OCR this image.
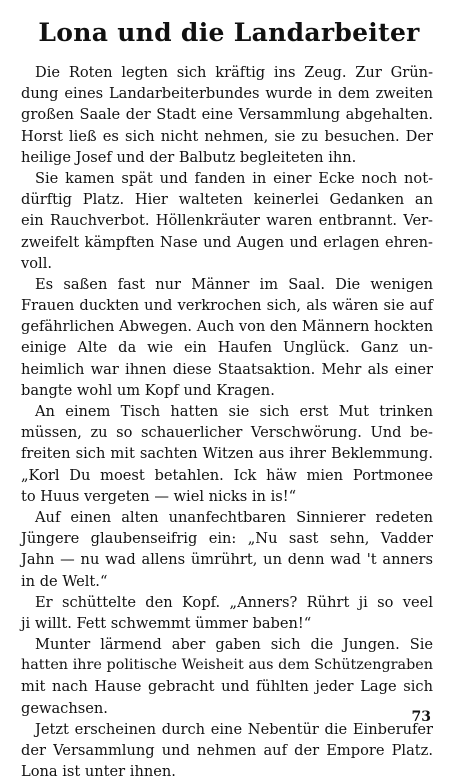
Lona und die Landarbeiter
Die Roten legten sich kräftig ins Zeug. Zur Grün-
dung eines Landarbeiterbundes wurde in dem zweiten
großen Saale der Stadt eine Versammlung abgehalten.
Horst ließ es sich nicht nehmen, sie zu besuchen. Der
heilige Josef und der Balbutz begleiteten ihn.
Sie kamen spät und fanden in einer Ecke noch not-
dürftig Platz. Hier walteten keinerlei Gedanken an
ein Rauchverbot. Höllenkräuter waren entbrannt. Ver-
zweifelt kämpften Nase und Augen und erlagen ehren-
voll.
Es saßen fast nur Männer im Saal. Die wenigen
Frauen duckten und verkrochen sich, als wären sie auf
gefährlichen Abwegen. Auch von den Männern hockten
einige Alte da wie ein Haufen Unglück. Ganz un-
heimlich war ihnen diese Staatsaktion. Mehr als einer
bangte wohl um Kopf und Kragen.
An einem Tisch hatten sie sich erst Mut trinken
müssen, zu so schauerlicher Verschwörung. Und be-
freiten sich mit sachten Witzen aus ihrer Beklemmung.
„Korl Du moest betahlen. Ick häw mien Portmonee
to Huus vergeten — wiel nicks in is!“
Auf einen alten unanfechtbaren Sinnierer redeten
Jüngere glaubenseifrig ein: „Nu sast sehn, Vadder
Jahn — nu wad allens ümrührt, un denn wad 't anners
in de Welt.“
Er schüttelte den Kopf. „Anners? Rührt ji so veel
ji willt. Fett schwemmt ümmer baben!“
Munter lärmend aber gaben sich die Jungen. Sie
hatten ihre politische Weisheit aus dem Schützengraben
mit nach Hause gebracht und fühlten jeder Lage sich
gewachsen.
Jetzt erscheinen durch eine Nebentür die Einberufer
der Versammlung und nehmen auf der Empore Platz.
Lona ist unter ihnen.
73
